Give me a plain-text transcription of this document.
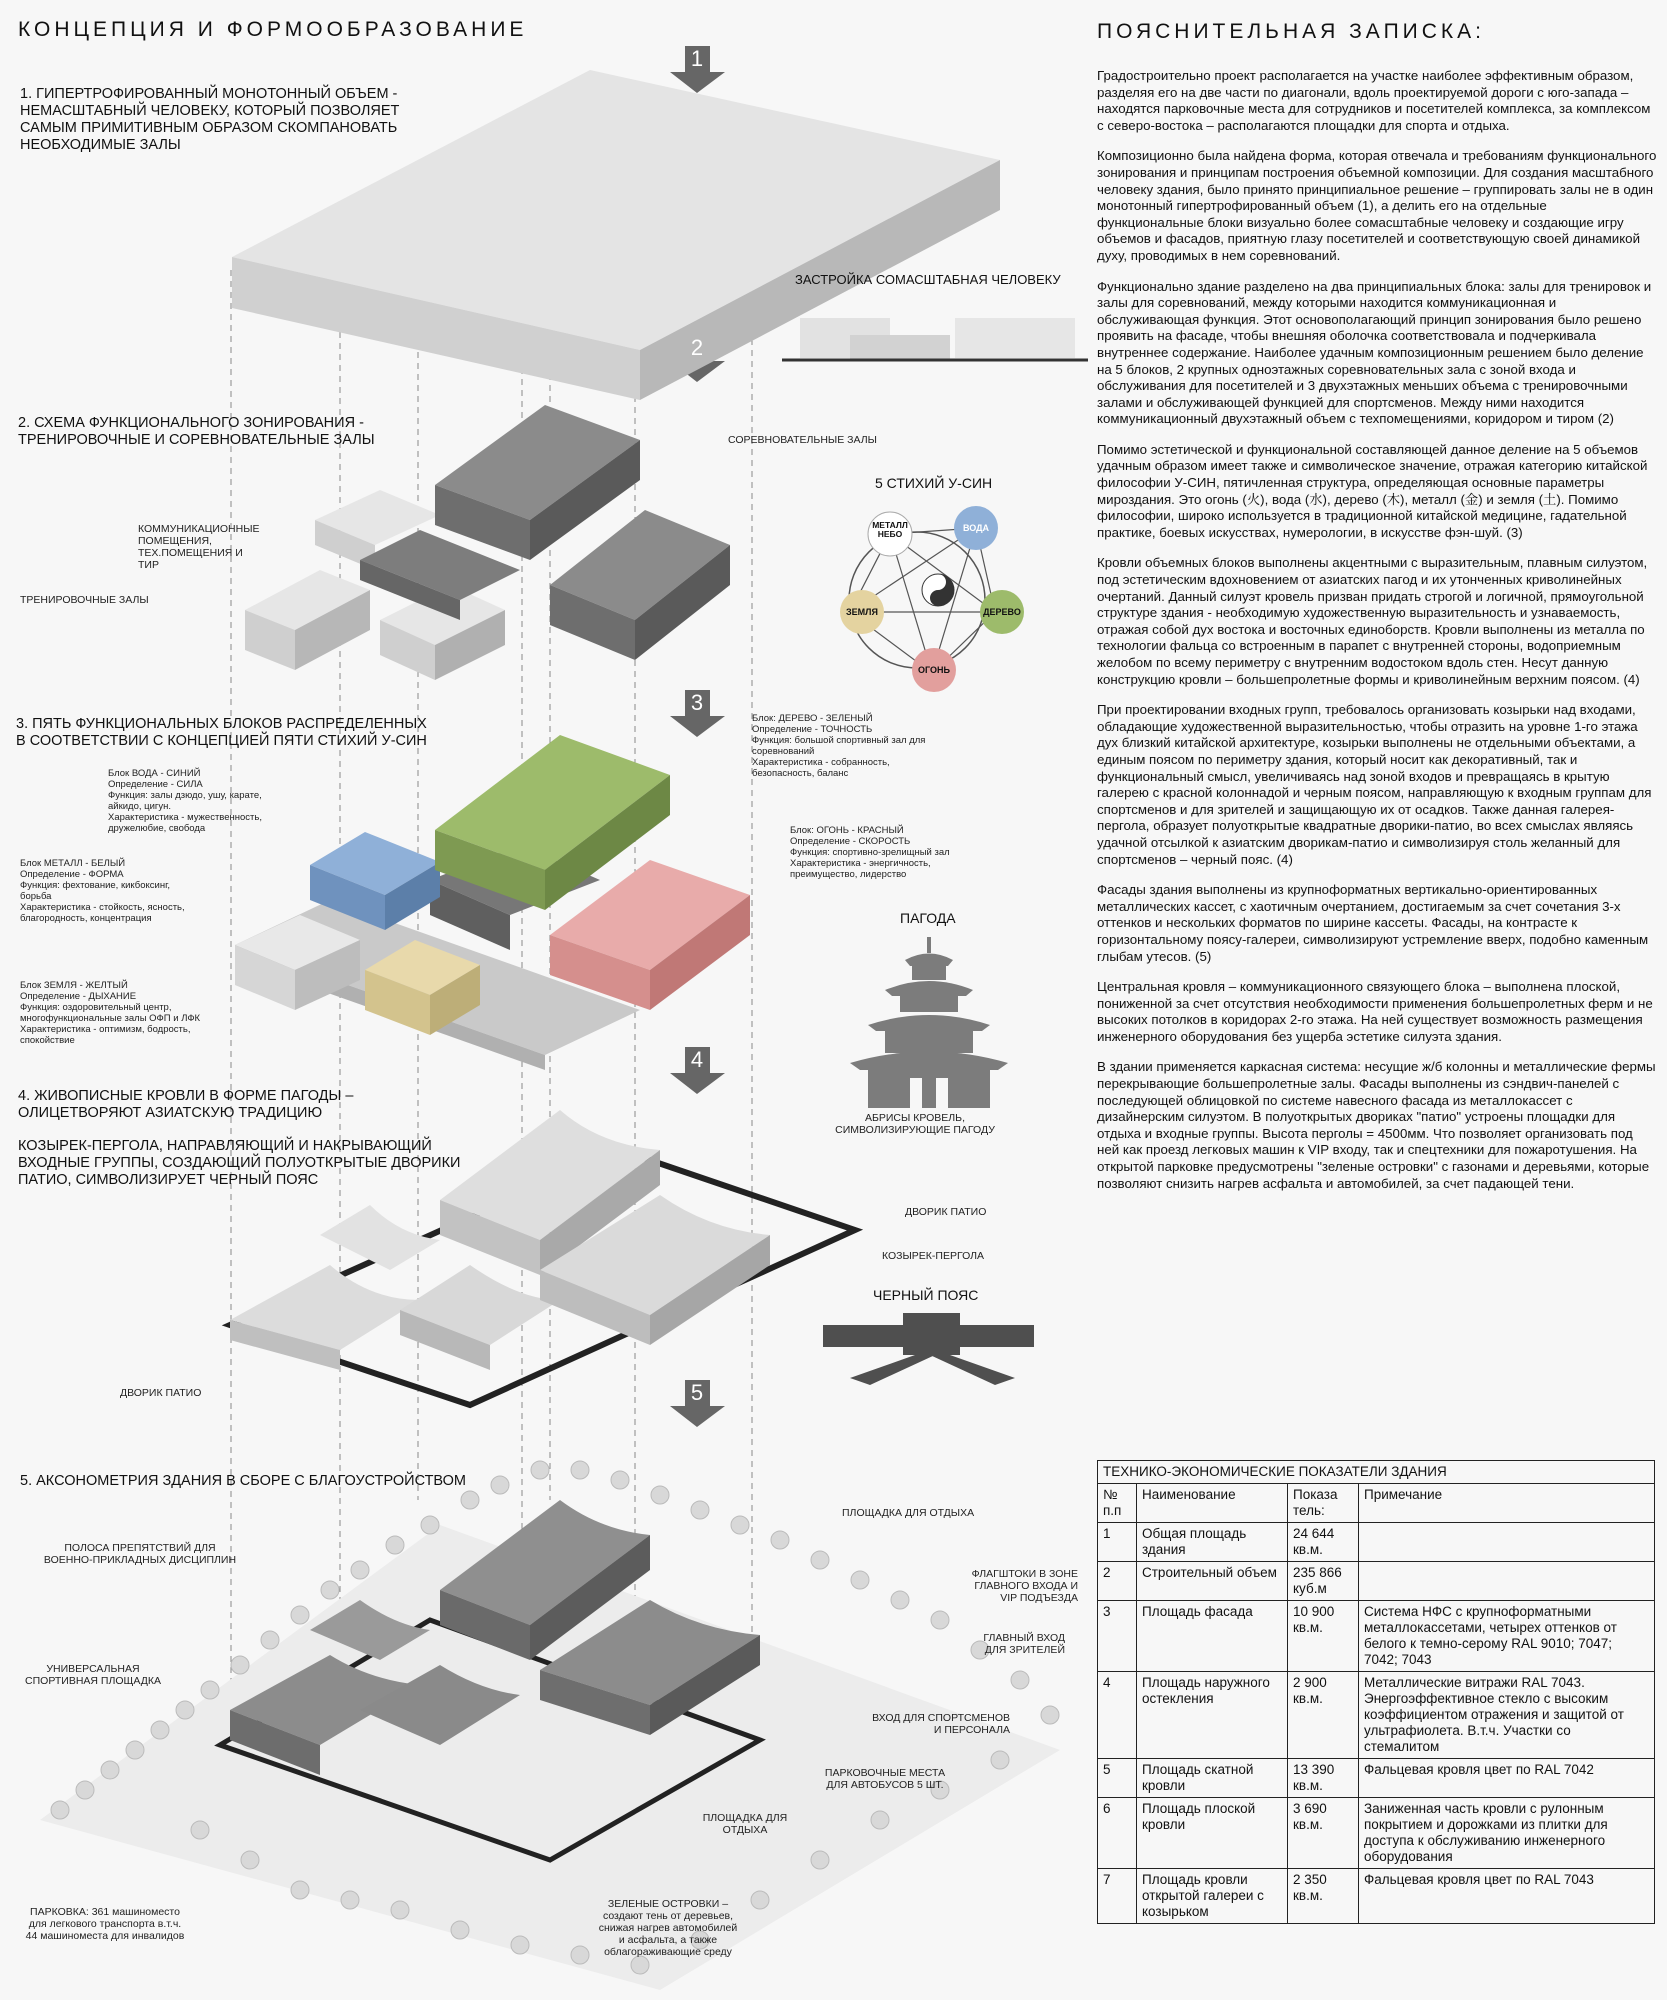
КОНЦЕПЦИЯ И ФОРМООБРАЗОВАНИЕ	ПОЯСНИТЕЛЬНАЯ ЗАПИСКА:
1
2
3
4
5
1. ГИПЕРТРОФИРОВАННЫЙ МОНОТОННЫЙ ОБЪЕМ - НЕМАСШТАБНЫЙ ЧЕЛОВЕКУ, КОТОРЫЙ ПОЗВОЛЯЕТ САМЫМ ПРИМИТИВНЫМ ОБРАЗОМ СКОМПАНОВАТЬ НЕОБХОДИМЫЕ ЗАЛЫ
2. СХЕМА ФУНКЦИОНАЛЬНОГО ЗОНИРОВАНИЯ - ТРЕНИРОВОЧНЫЕ И СОРЕВНОВАТЕЛЬНЫЕ ЗАЛЫ
3. ПЯТЬ ФУНКЦИОНАЛЬНЫХ БЛОКОВ РАСПРЕДЕЛЕННЫХ В СООТВЕТСТВИИ С КОНЦЕПЦИЕЙ ПЯТИ СТИХИЙ У-СИН
4. ЖИВОПИСНЫЕ КРОВЛИ В ФОРМЕ ПАГОДЫ – ОЛИЦЕТВОРЯЮТ АЗИАТСКУЮ ТРАДИЦИЮ
КОЗЫРЕК-ПЕРГОЛА, НАПРАВЛЯЮЩИЙ И НАКРЫВАЮЩИЙ ВХОДНЫЕ ГРУППЫ, СОЗДАЮЩИЙ ПОЛУОТКРЫТЫЕ ДВОРИКИ ПАТИО, СИМВОЛИЗИРУЕТ ЧЕРНЫЙ ПОЯС
5. АКСОНОМЕТРИЯ ЗДАНИЯ В СБОРЕ С БЛАГОУСТРОЙСТВОМ
ЗАСТРОЙКА СОМАСШТАБНАЯ ЧЕЛОВЕКУ
5 СТИХИЙ У-СИН
МЕТАЛЛ НЕБО
ВОДА
ДЕРЕВО
ОГОНЬ
ЗЕМЛЯ
ПАГОДА
ЧЕРНЫЙ ПОЯС
СОРЕВНОВАТЕЛЬНЫЕ ЗАЛЫ
КОММУНИКАЦИОННЫЕ ПОМЕЩЕНИЯ, ТЕХ.ПОМЕЩЕНИЯ И ТИР
ТРЕНИРОВОЧНЫЕ ЗАЛЫ
Блок: ДЕРЕВО - ЗЕЛЕНЫЙ
Определение - ТОЧНОСТЬ
Функция: большой спортивный зал для соревнований
Характеристика - собранность, безопасность, баланс
Блок ВОДА - СИНИЙ
Определение - СИЛА
Функция: залы дзюдо, ушу, карате, айкидо, цигун.
Характеристика - мужественность, дружелюбие, свобода	Блок: ОГОНЬ - КРАСНЫЙ
Определение - СКОРОСТЬ
Функция: спортивно-зрелищный зал
Характеристика - энергичность, преимущество, лидерство
Блок МЕТАЛЛ - БЕЛЫЙ
Определение - ФОРМА
Функция: фехтование, кикбоксинг, борьба
Характеристика - стойкость, ясность, благородность, концентрация
Блок ЗЕМЛЯ - ЖЕЛТЫЙ
Определение - ДЫХАНИЕ
Функция: оздоровительный центр, многофункциональные залы ОФП и ЛФК
Характеристика - оптимизм, бодрость, спокойствие
АБРИСЫ КРОВЕЛЬ, СИМВОЛИЗИРУЮЩИЕ ПАГОДУ
ДВОРИК ПАТИО
КОЗЫРЕК-ПЕРГОЛА
ДВОРИК ПАТИО
ПЛОЩАДКА ДЛЯ ОТДЫХА
ПОЛОСА ПРЕПЯТСТВИЙ ДЛЯ ВОЕННО-ПРИКЛАДНЫХ ДИСЦИПЛИН
ФЛАГШТОКИ В ЗОНЕ ГЛАВНОГО ВХОДА И VIP ПОДЪЕЗДА
ГЛАВНЫЙ ВХОД ДЛЯ ЗРИТЕЛЕЙ
УНИВЕРСАЛЬНАЯ СПОРТИВНАЯ ПЛОЩАДКА
ВХОД ДЛЯ СПОРТСМЕНОВ И ПЕРСОНАЛА
ПАРКОВОЧНЫЕ МЕСТА ДЛЯ АВТОБУСОВ 5 ШТ.
ПЛОЩАДКА ДЛЯ ОТДЫХА
ПАРКОВКА: 361 машиноместо для легкового транспорта в.т.ч. 44 машиноместа для инвалидов
ЗЕЛЕНЫЕ ОСТРОВКИ – создают тень от деревьев, снижая нагрев автомобилей и асфальта, а также облагораживающие среду

Градостроительно проект располагается на участке наиболее эффективным образом, разделяя его на две части по диагонали, вдоль проектируемой дороги с юго-запада – находятся парковочные места для сотрудников и посетителей комплекса, за комплексом с северо-востока – располагаются площадки для спорта и отдыха.

Композиционно была найдена форма, которая отвечала и требованиям функционального зонирования и принципам построения объемной композиции. Для создания масштабного человеку здания, было принято принципиальное решение – группировать залы не в один монотонный гипертрофированный объем (1), а делить его на отдельные функциональные блоки визуально более сомасштабные человеку и создающие игру объемов и фасадов, приятную глазу посетителей и соответствующую своей динамикой духу, проводимых в нем соревнований.

Функционально здание разделено на два принципиальных блока: залы для тренировок и залы для соревнований, между которыми находится коммуникационная и обслуживающая функция. Этот основополагающий принцип зонирования было решено проявить на фасаде, чтобы внешняя оболочка соответствовала и подчеркивала внутреннее содержание. Наиболее удачным композиционным решением было деление на 5 блоков, 2 крупных одноэтажных соревновательных зала с зоной входа и обслуживания для посетителей и 3 двухэтажных меньших объема с тренировочными залами и обслуживающей функцией для спортсменов. Между ними находится коммуникационный двухэтажный объем с техпомещениями, коридором и тиром (2)

Помимо эстетической и функциональной составляющей данное деление на 5 объемов удачным образом имеет также и символическое значение, отражая категорию китайской философии У-СИН, пятичленная структура, определяющая основные параметры мироздания. Это огонь (火), вода (水), дерево (木), металл (金) и земля (土). Помимо философии, широко используется в традиционной китайской медицине, гадательной практике, боевых искусствах, нумерологии, в искусстве фэн-шуй. (3)

Кровли объемных блоков выполнены акцентными с выразительным, плавным силуэтом, под эстетическим вдохновением от азиатских пагод и их утонченных криволинейных очертаний. Данный силуэт кровель призван придать строгой и логичной, прямоугольной структуре здания - необходимую художественную выразительность и узнаваемость, отражая собой дух востока и восточных единоборств. Кровли выполнены из металла по технологии фальца со встроенным в парапет с внутренней стороны, водоприемным желобом по всему периметру с внутренним водостоком вдоль стен. Несут данную конструкцию кровли – большепролетные формы и криволинейным верхним поясом. (4)

При проектировании входных групп, требовалось организовать козырьки над входами, обладающие художественной выразительностью, чтобы отразить на уровне 1-го этажа дух близкий китайской архитектуре, козырьки выполнены не отдельными объектами, а единым поясом по периметру здания, который носит как декоративный, так и функциональный смысл, увеличиваясь над зоной входов и превращаясь в крытую галерею с красной колоннадой и черным поясом, направляющую к входным группам для спортсменов и для зрителей и защищающую их от осадков. Также данная галерея-пергола, образует полуоткрытые квадратные дворики-патио, во всех смыслах являясь удачной отсылкой к азиатским дворикам-патио и символизируя столь желанный для спортсменов – черный пояс. (4)

Фасады здания выполнены из крупноформатных вертикально-ориентированных металлических кассет, с хаотичным очертанием, достигаемым за счет сочетания 3-х оттенков и нескольких форматов по ширине кассеты. Фасады, на контрасте к горизонтальному поясу-галереи, символизируют устремление вверх, подобно каменным глыбам утесов. (5)

Центральная кровля – коммуникационного связующего блока – выполнена плоской, пониженной за счет отсутствия необходимости применения большепролетных ферм и не высоких потолков в коридорах 2-го этажа. На ней существует возможность размещения инженерного оборудования без ущерба эстетике силуэта здания.

В здании применяется каркасная система: несущие ж/б колонны и металлические фермы перекрывающие большепролетные залы. Фасады выполнены из сэндвич-панелей с последующей облицовкой по системе навесного фасада из металлокассет с дизайнерским силуэтом. В полуоткрытых двориках "патио" устроены площадки для отдыха и входные группы. Высота перголы = 4500мм. Что позволяет организовать под ней как проезд легковых машин к VIP входу, так и спецтехники для пожаротушения. На открытой парковке предусмотрены "зеленые островки" с газонами и деревьями, которые позволяют снизить нагрев асфальта и автомобилей, за счет падающей тени.

ТЕХНИКО-ЭКОНОМИЧЕСКИЕ ПОКАЗАТЕЛИ ЗДАНИЯ			
№ п.п	Наименование	Показа тель:	Примечание
1	Общая площадь здания	24 644 кв.м.	
2	Строительный объем	235 866 куб.м	
3	Площадь фасада	10 900 кв.м.	Система НФС с крупноформатными металлокассетами, четырех оттенков от белого к темно-серому RAL 9010; 7047; 7042; 7043
4	Площадь наружного остекления	2 900 кв.м.	Металлические витражи RAL 7043. Энергоэффективное стекло с высоким коэффициентом отражения и защитой от ультрафиолета. В.т.ч. Участки со стемалитом
5	Площадь скатной кровли	13 390 кв.м.	Фальцевая кровля цвет по RAL 7042
6	Площадь плоской кровли	3 690 кв.м.	Заниженная часть кровли с рулонным покрытием и дорожками из плитки для доступа к обслуживанию инженерного оборудования
7	Площадь кровли открытой галереи с козырьком	2 350 кв.м.	Фальцевая кровля цвет по RAL 7043
